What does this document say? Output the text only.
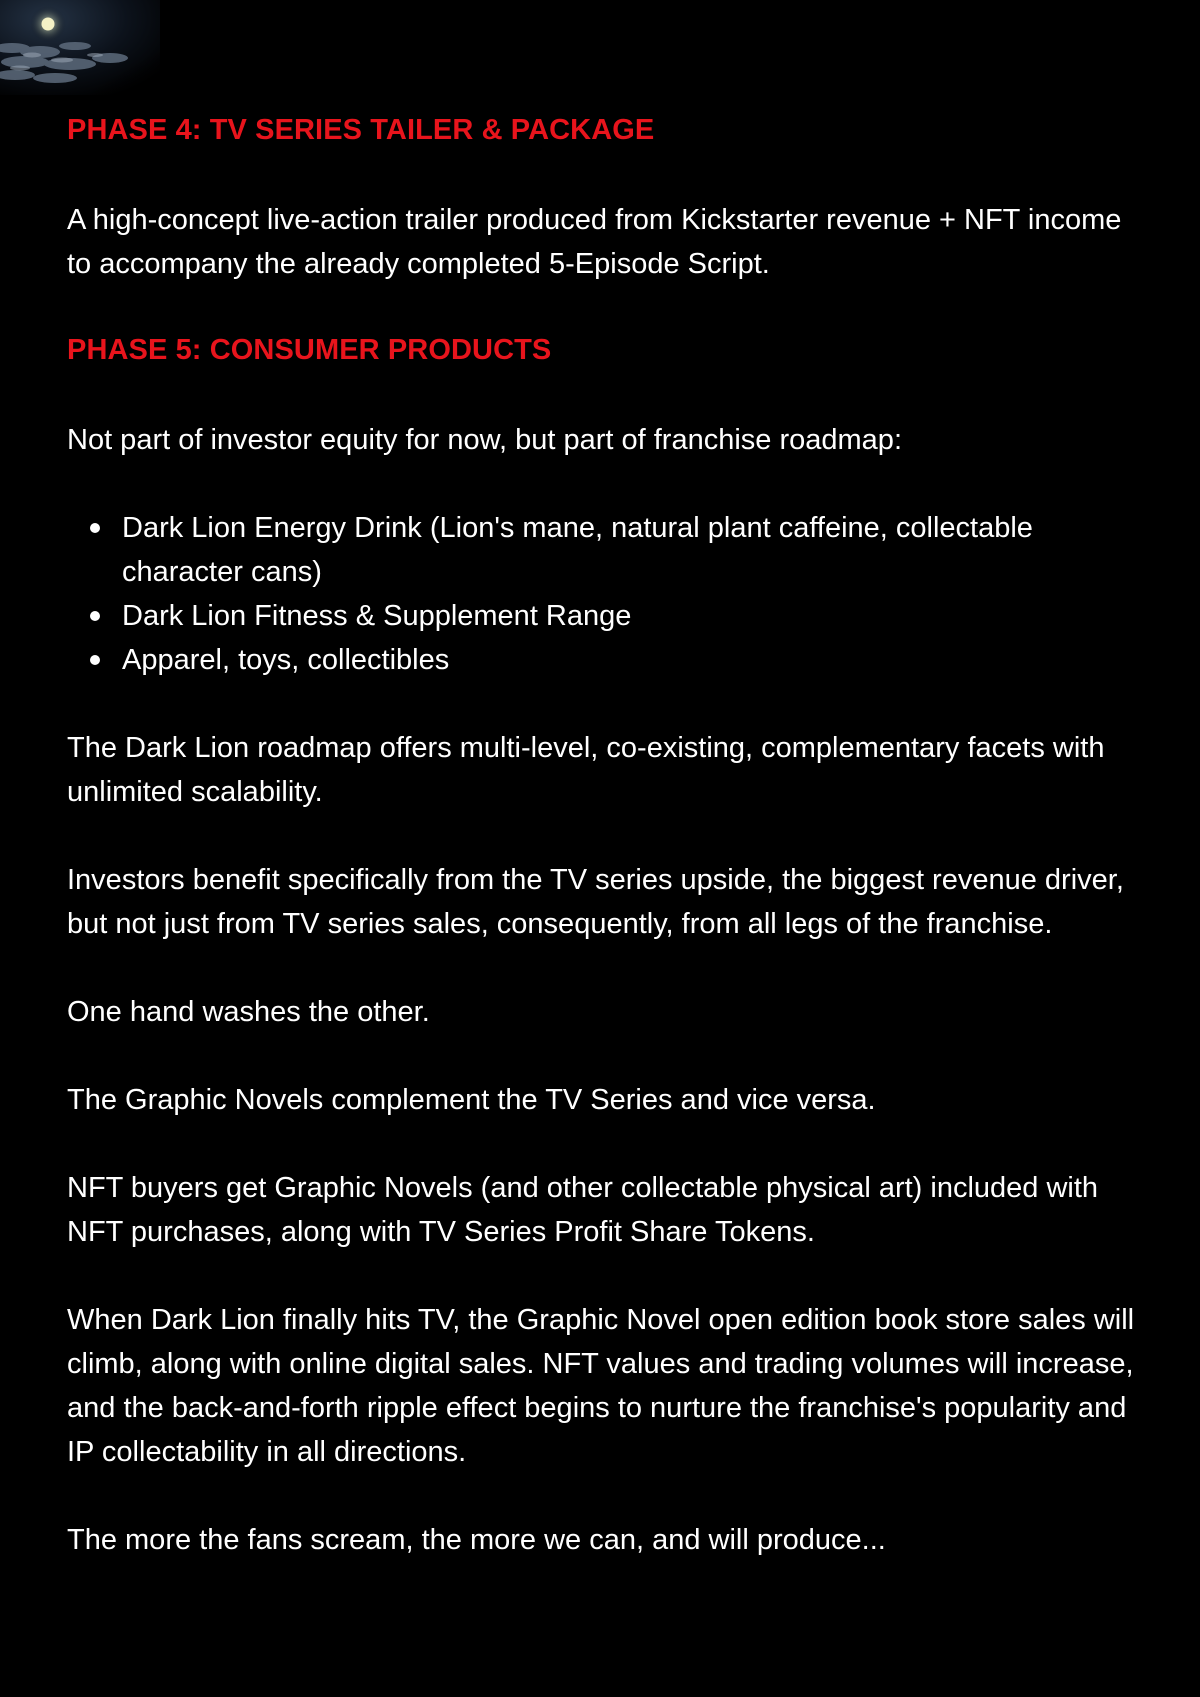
PHASE 4: TV SERIES TAILER & PACKAGE

A high-concept live-action trailer produced from Kickstarter revenue + NFT income to accompany the already completed 5-Episode Script.

PHASE 5: CONSUMER PRODUCTS

Not part of investor equity for now, but part of franchise roadmap:

Dark Lion Energy Drink (Lion's mane, natural plant caffeine, collectable character cans)
Dark Lion Fitness & Supplement Range
Apparel, toys, collectibles

The Dark Lion roadmap offers multi-level, co-existing, complementary facets with unlimited scalability.

Investors benefit specifically from the TV series upside, the biggest revenue driver, but not just from TV series sales, consequently, from all legs of the franchise.

One hand washes the other.

The Graphic Novels complement the TV Series and vice versa.

NFT buyers get Graphic Novels (and other collectable physical art) included with NFT purchases, along with TV Series Profit Share Tokens.

When Dark Lion finally hits TV, the Graphic Novel open edition book store sales will climb, along with online digital sales. NFT values and trading volumes will increase, and the back-and-forth ripple effect begins to nurture the franchise's popularity and IP collectability in all directions.

The more the fans scream, the more we can, and will produce...
